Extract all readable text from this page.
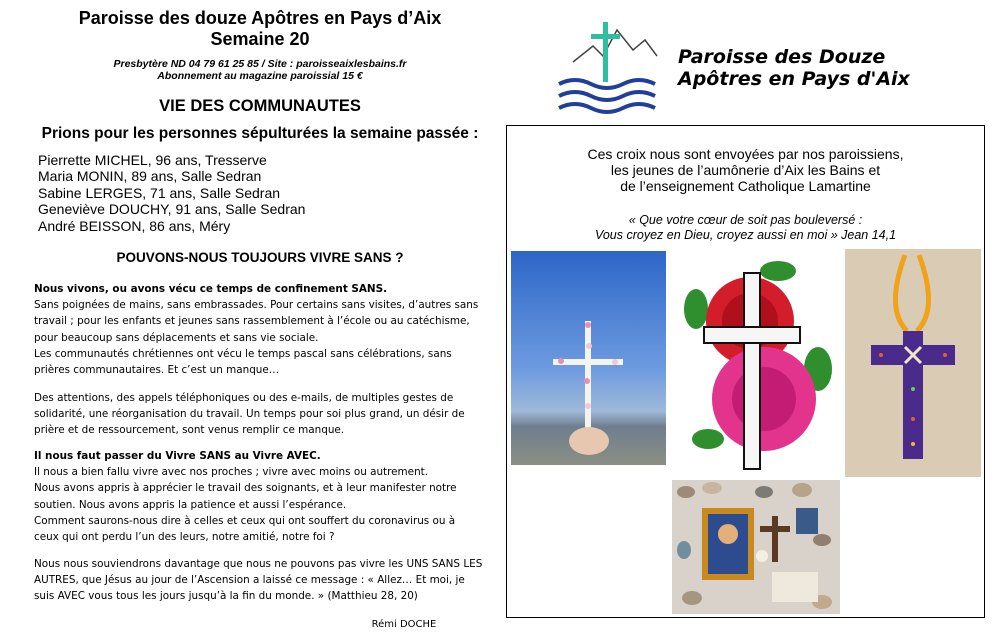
Paroisse des douze Apôtres en Pays d’Aix
Semaine 20
Presbytère ND 04 79 61 25 85 / Site : paroisseaixlesbains.fr
Abonnement au magazine paroissial 15 €
VIE DES COMMUNAUTES
Prions pour les personnes sépulturées la semaine passée :
Pierrette MICHEL, 96 ans, Tresserve
Maria MONIN, 89 ans, Salle Sedran
Sabine LERGES, 71 ans, Salle Sedran
Geneviève DOUCHY, 91 ans, Salle Sedran
André BEISSON, 86 ans, Méry
POUVONS-NOUS TOUJOURS VIVRE SANS ?

Nous vivons, ou avons vécu ce temps de confinement SANS.

Sans poignées de mains, sans embrassades. Pour certains sans visites, d’autres sans

travail ; pour les enfants et jeunes sans rassemblement à l’école ou au catéchisme,

pour beaucoup sans déplacements et sans vie sociale.

Les communautés chrétiennes ont vécu le temps pascal sans célébrations, sans

prières communautaires. Et c’est un manque…

Des attentions, des appels téléphoniques ou des e-mails, de multiples gestes de

solidarité, une réorganisation du travail. Un temps pour soi plus grand, un désir de

prière et de ressourcement, sont venus remplir ce manque.

Il nous faut passer du Vivre SANS au Vivre AVEC.

Il nous a bien fallu vivre avec nos proches ; vivre avec moins ou autrement.

Nous avons appris à apprécier le travail des soignants, et à leur manifester notre

soutien. Nous avons appris la patience et aussi l’espérance.

Comment saurons-nous dire à celles et ceux qui ont souffert du coronavirus ou à

ceux qui ont perdu l’un des leurs, notre amitié, notre foi ?

Nous nous souviendrons davantage que nous ne pouvons pas vivre les UNS SANS LES

AUTRES, que Jésus au jour de l’Ascension a laissé ce message : « Allez… Et moi, je

suis AVEC vous tous les jours jusqu’à la fin du monde. » (Matthieu 28, 20)

Rémi DOCHE
Paroisse des Douze
Apôtres en Pays d'Aix
Ces croix nous sont envoyées par nos paroissiens,
les jeunes de l’aumônerie d’Aix les Bains et
de l’enseignement Catholique Lamartine
« Que votre cœur de soit pas bouleversé :
Vous croyez en Dieu, croyez aussi en moi » Jean 14,1
